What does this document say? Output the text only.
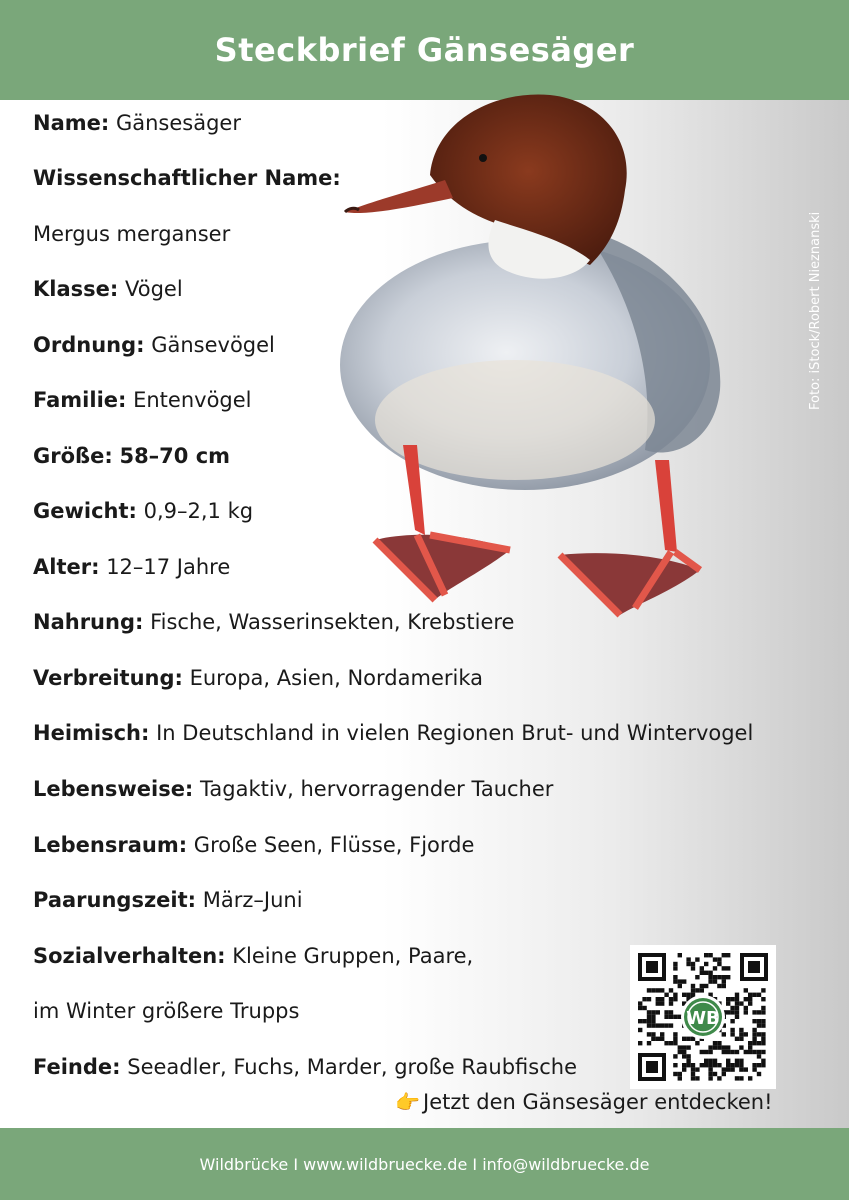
Steckbrief Gänsesäger
Name: Gänsesäger
Wissenschaftlicher Name:
Mergus merganser
Klasse: Vögel
Ordnung: Gänsevögel
Familie: Entenvögel
Größe: 58–70 cm
Gewicht: 0,9–2,1 kg
Alter: 12–17 Jahre
Nahrung: Fische, Wasserinsekten, Krebstiere
Verbreitung: Europa, Asien, Nordamerika
Heimisch: In Deutschland in vielen Regionen Brut- und Wintervogel
Lebensweise: Tagaktiv, hervorragender Taucher
Lebensraum: Große Seen, Flüsse, Fjorde
Paarungszeit: März–Juni
Sozialverhalten: Kleine Gruppen, Paare,
im Winter größere Trupps
Feinde: Seeadler, Fuchs, Marder, große Raubfische
Foto: iStock/Robert Nieznanski
WB
👉 Jetzt den Gänsesäger entdecken!
Wildbrücke I www.wildbruecke.de I info@wildbruecke.de
